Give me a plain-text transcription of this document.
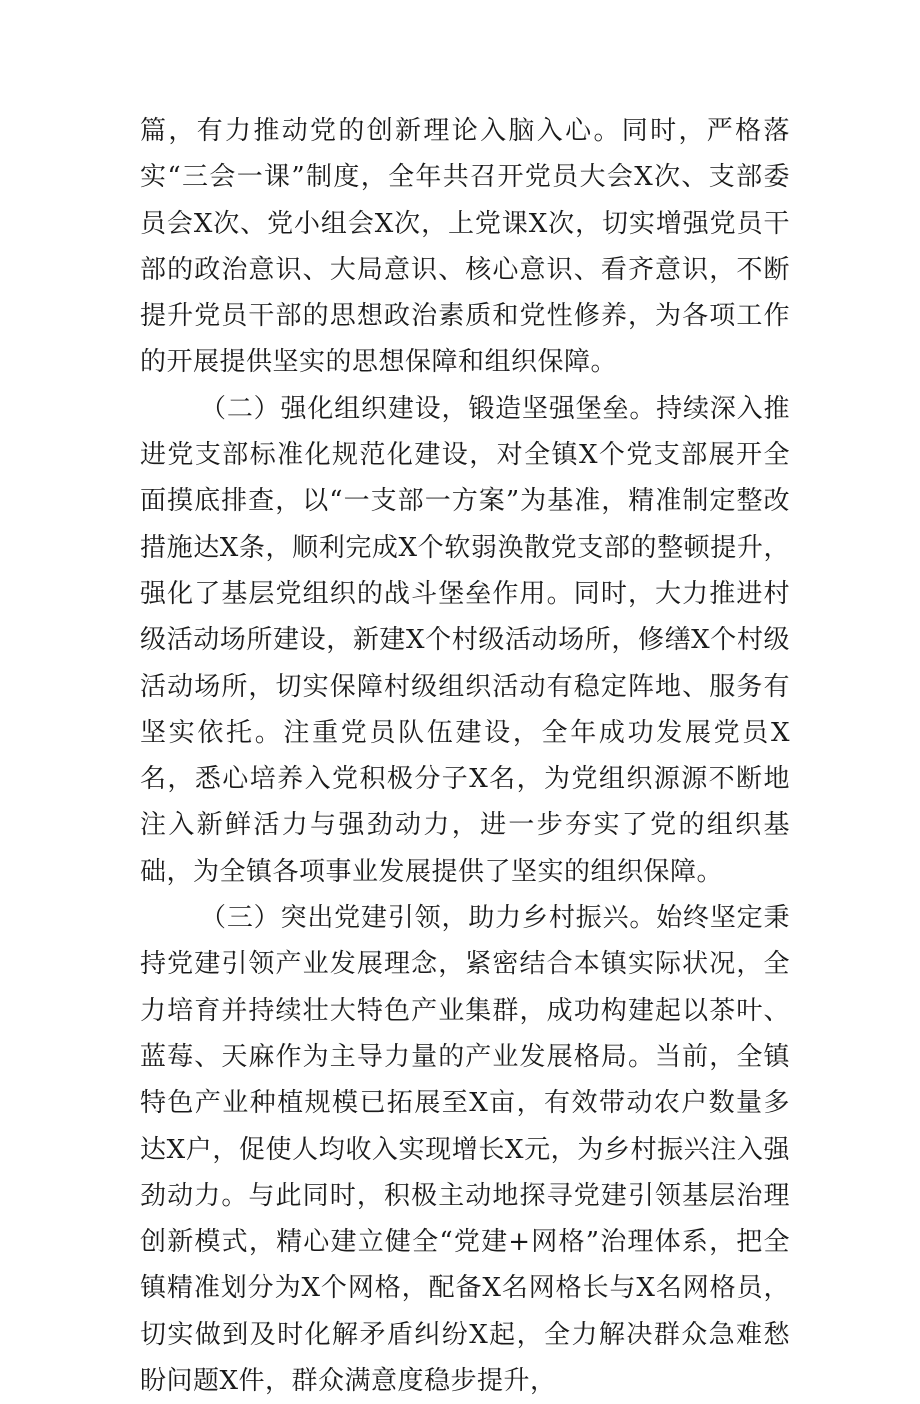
篇，有力推动党的创新理论入脑入心。同时，严格落实“三会一课”制度，全年共召开党员大会X次、支部委员会X次、党小组会X次，上党课X次，切实增强党员干部的政治意识、大局意识、核心意识、看齐意识，不断提升党员干部的思想政治素质和党性修养，为各项工作的开展提供坚实的思想保障和组织保障。

（二）强化组织建设，锻造坚强堡垒。持续深入推进党支部标准化规范化建设，对全镇X个党支部展开全面摸底排查，以“一支部一方案”为基准，精准制定整改措施达X条，顺利完成X个软弱涣散党支部的整顿提升，强化了基层党组织的战斗堡垒作用。同时，大力推进村级活动场所建设，新建X个村级活动场所，修缮X个村级活动场所，切实保障村级组织活动有稳定阵地、服务有坚实依托。注重党员队伍建设，全年成功发展党员X名，悉心培养入党积极分子X名，为党组织源源不断地注入新鲜活力与强劲动力，进一步夯实了党的组织基础，为全镇各项事业发展提供了坚实的组织保障。

（三）突出党建引领，助力乡村振兴。始终坚定秉持党建引领产业发展理念，紧密结合本镇实际状况，全力培育并持续壮大特色产业集群，成功构建起以茶叶、蓝莓、天麻作为主导力量的产业发展格局。当前，全镇特色产业种植规模已拓展至X亩，有效带动农户数量多达X户，促使人均收入实现增长X元，为乡村振兴注入强劲动力。与此同时，积极主动地探寻党建引领基层治理创新模式，精心建立健全“党建+网格”治理体系，把全镇精准划分为X个网格，配备X名网格长与X名网格员，切实做到及时化解矛盾纠纷X起，全力解决群众急难愁盼问题X件，群众满意度稳步提升，
